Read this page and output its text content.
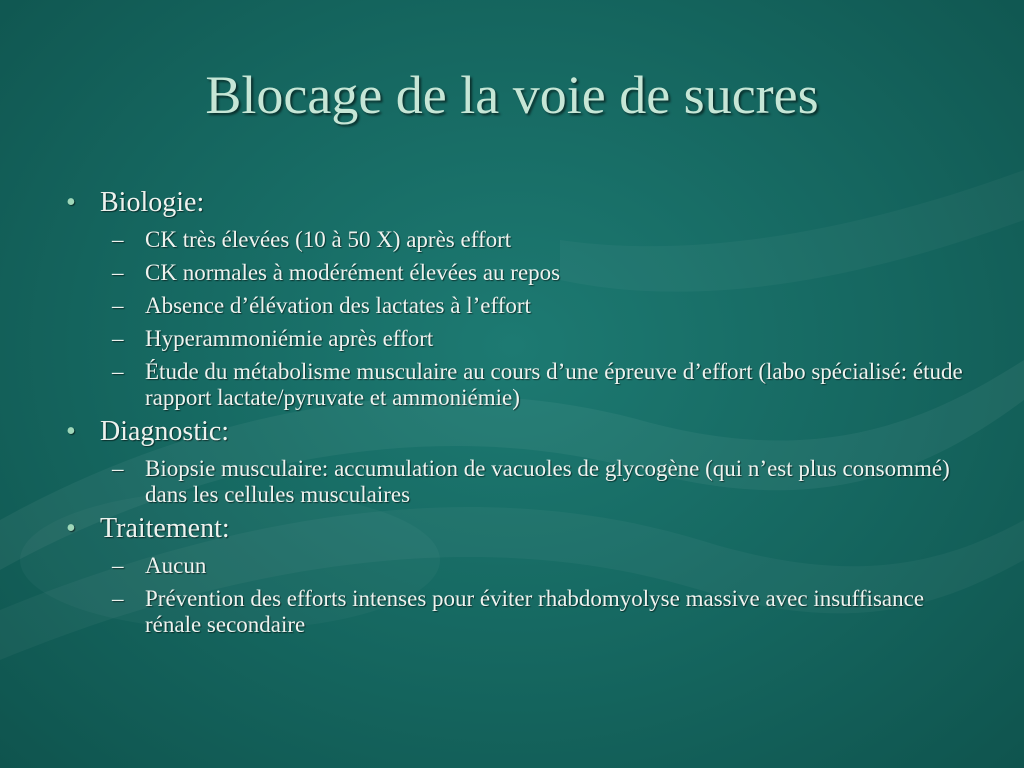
Blocage de la voie de sucres
• Biologie:
– CK très élevées (10 à 50 X) après effort
– CK normales à modérément élevées au repos
– Absence d’élévation des lactates à l’effort
– Hyperammoniémie après effort
– Étude du métabolisme musculaire au cours d’une épreuve d’effort (labo spécialisé: étude rapport lactate/pyruvate et ammoniémie)
• Diagnostic:
– Biopsie musculaire: accumulation de vacuoles de glycogène (qui n’est plus consommé) dans les cellules musculaires
• Traitement:
– Aucun
– Prévention des efforts intenses pour éviter rhabdomyolyse massive avec insuffisance rénale secondaire
